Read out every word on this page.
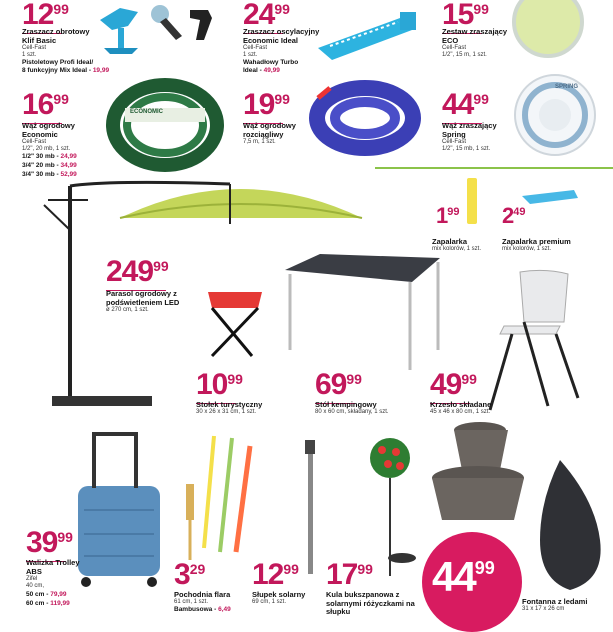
1299
Zraszacz obrotowy Klif Basic
Cell-Fast
1 szt.
Pistoletowy Profi Ideal/
8 funkcyjny Mix Ideal - 19,99
2499
Zraszacz oscylacyjny Economic Ideal
Cell-Fast
1 szt.
Wahadłowy Turbo
Ideal - 49,99
1599
Zestaw zraszający ECO
Cell-Fast
1/2", 15 m, 1 szt.
1699
Wąż ogrodowy Economic
Cell-Fast
1/2", 20 mb, 1 szt.
1/2" 30 mb - 24,99
3/4" 20 mb - 34,99
3/4" 30 mb - 52,99
ECONOMIC	1999
Wąż ogrodowy rozciągliwy
7,5 m, 1 szt.
4499
Wąż zraszający Spring
Cell-Fast
1/2", 15 mb, 1 szt.
SPRING
$1^{99}$
Zapalarka
mix kolorów, 1 szt.
$2^{49}$
Zapalarka premium
mix kolorów, 1 szt.
24999
Parasol ogrodowy z podświetleniem LED
ø 270 cm, 1 szt.
1099
Stołek turystyczny
30 x 26 x 31 cm, 1 szt.
6999
Stół kempingowy
80 x 60 cm, składany, 1 szt.
4999
Krzesło składane
45 x 46 x 80 cm, 1 szt.
3999
Walizka Trolley ABS
Zifel
40 cm,
50 cm - 79,99
60 cm - 119,99
329
Pochodnia flara
61 cm, 1 szt.
Bambusowa - 6,49
1299
Słupek solarny
69 cm, 1 szt.
1799
Kula bukszpanowa z solarnymi różyczkami na słupku
4499
Fontanna z ledami
31 x 17 x 26 cm
